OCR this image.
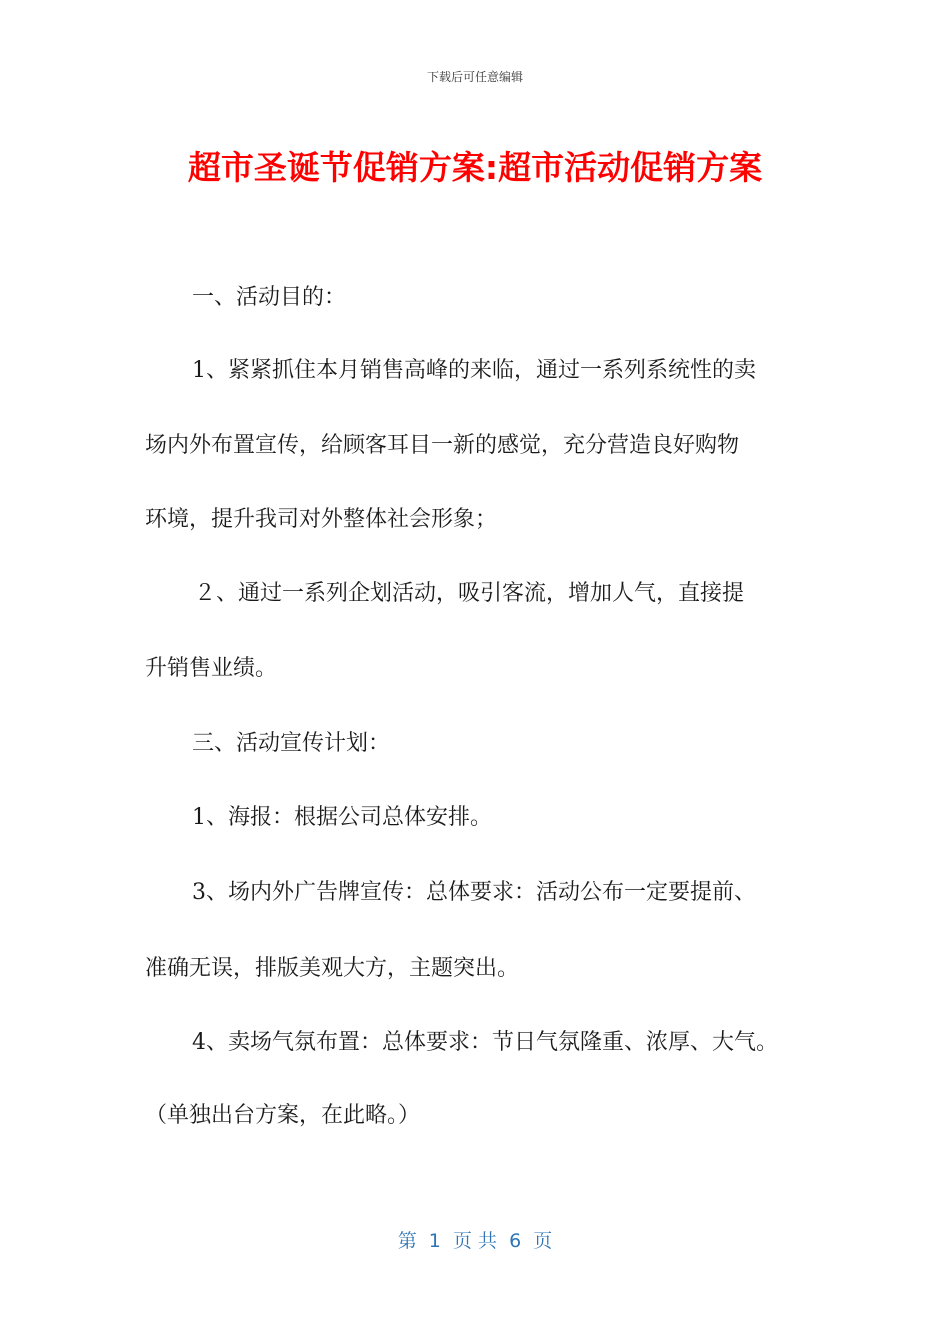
下载后可任意编辑
超市圣诞节促销方案:超市活动促销方案
一、活动目的：
1、紧紧抓住本月销售高峰的来临，通过一系列系统性的卖
场内外布置宣传，给顾客耳目一新的感觉，充分营造良好购物
环境，提升我司对外整体社会形象；
２、通过一系列企划活动，吸引客流，增加人气，直接提
升销售业绩。
三、活动宣传计划：
1、海报：根据公司总体安排。
3、场内外广告牌宣传：总体要求：活动公布一定要提前、
准确无误，排版美观大方，主题突出。
4、卖场气氛布置：总体要求：节日气氛隆重、浓厚、大气。
（单独出台方案，在此略。）
第  1  页 共  6  页
